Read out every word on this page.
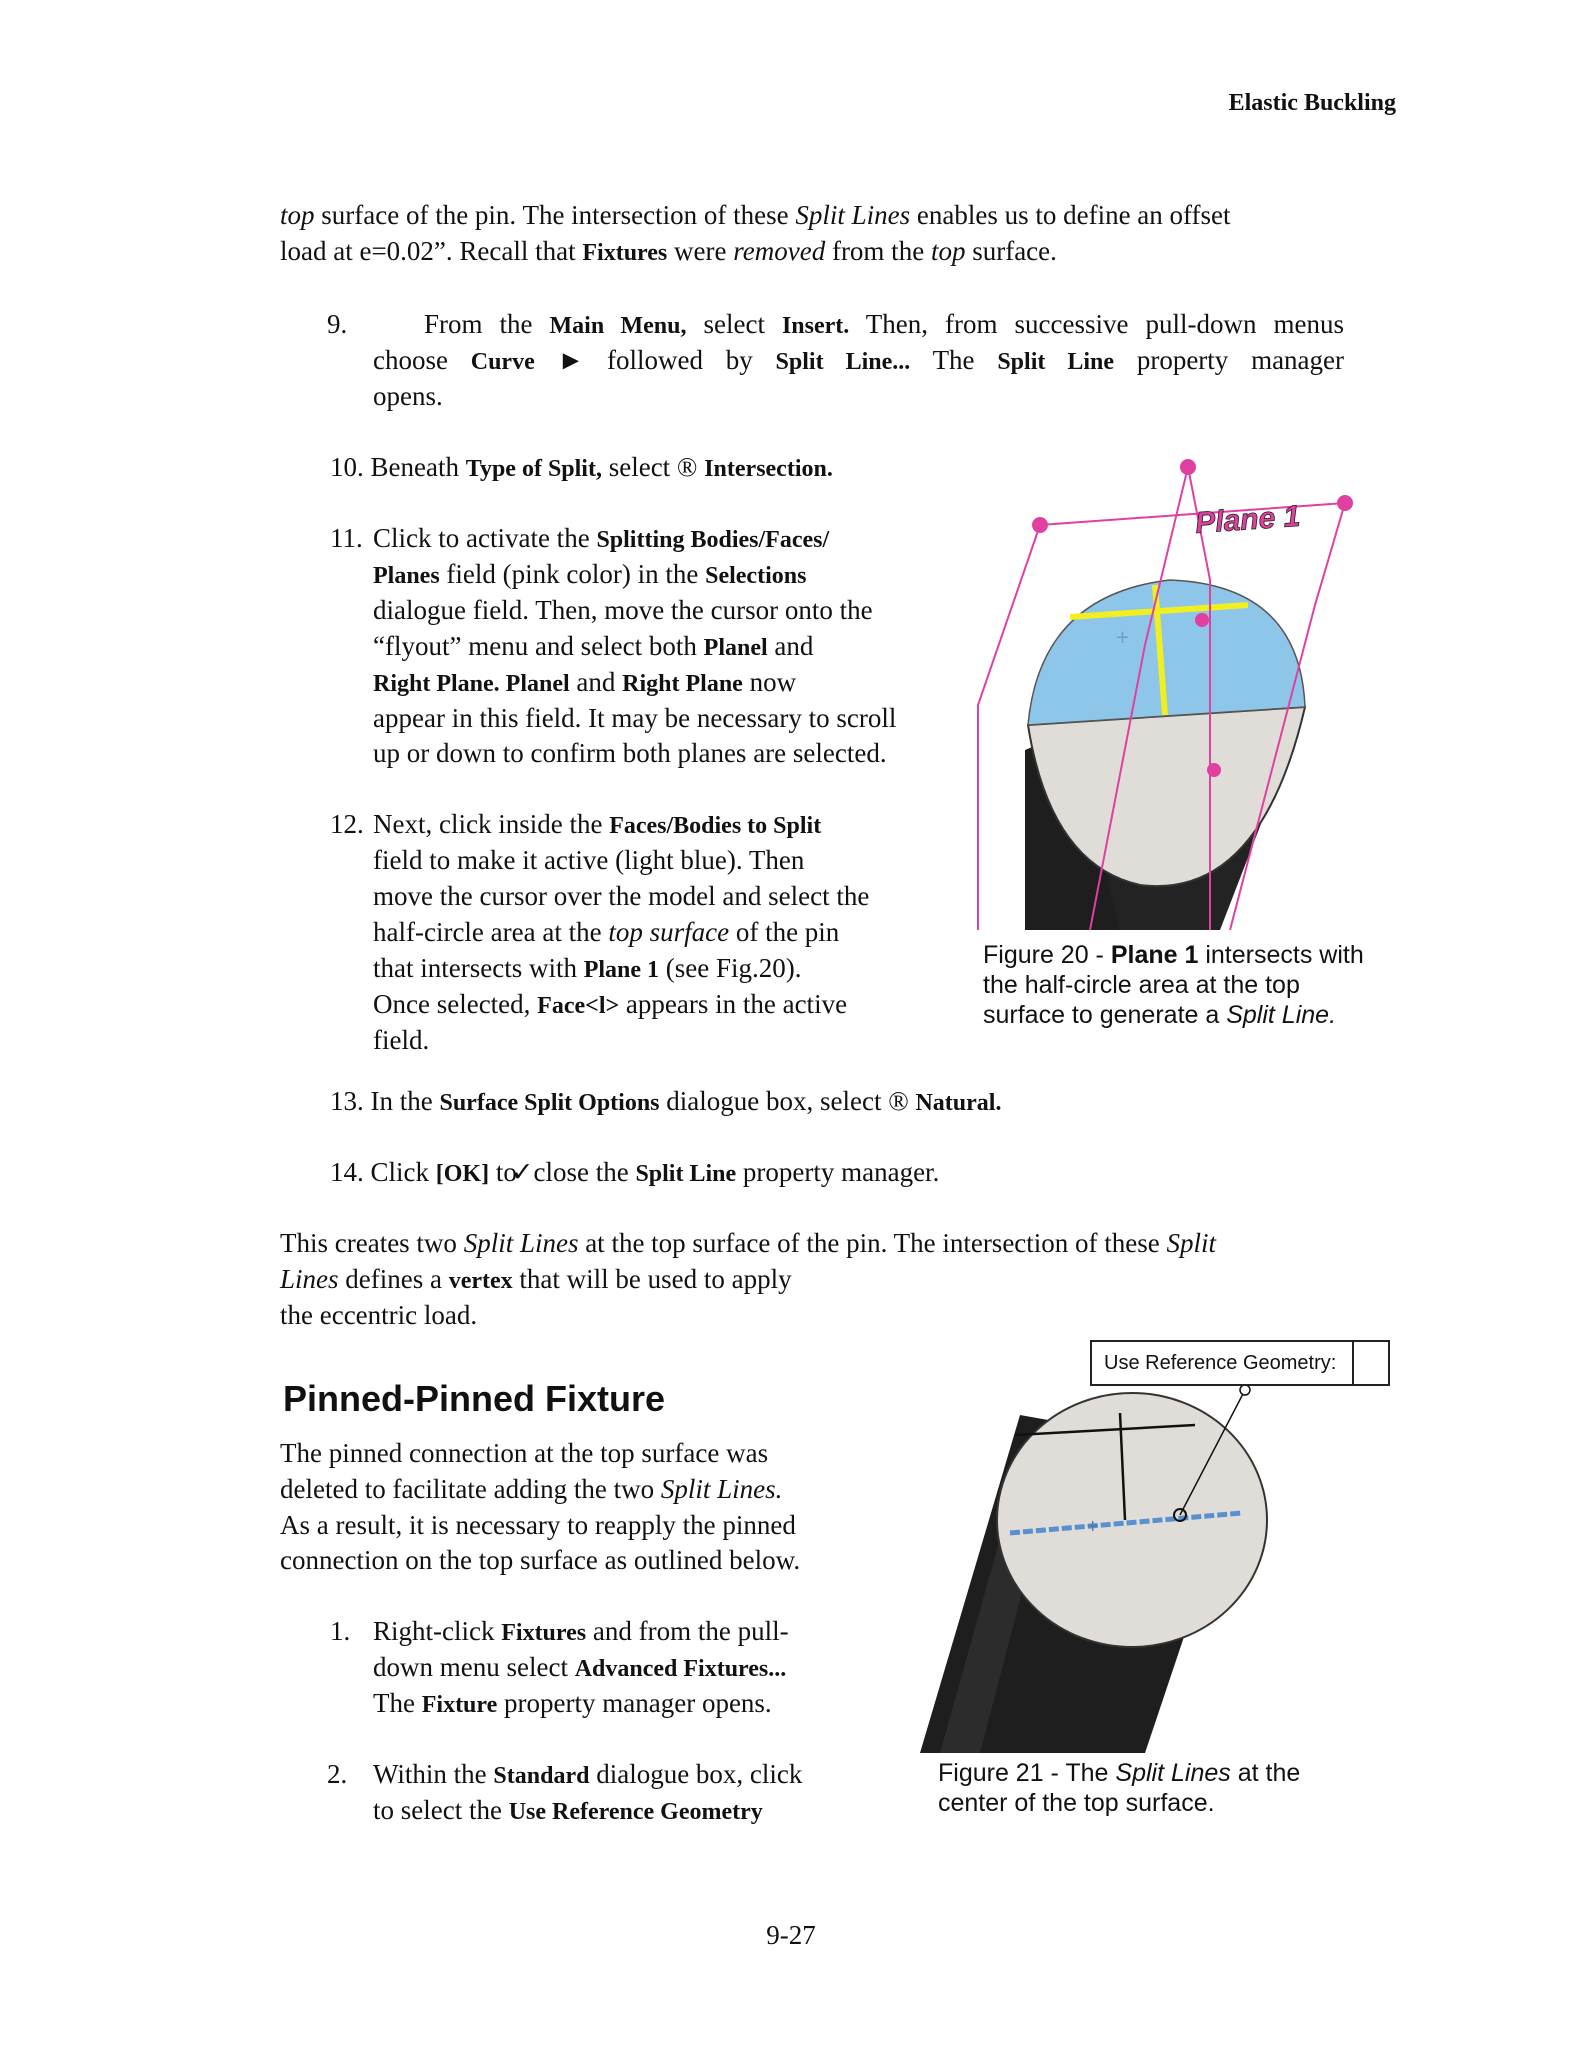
Elastic Buckling
top surface of the pin. The intersection of these Split Lines enables us to define an offset
load at e=0.02”. Recall that Fixtures were removed from the top surface.
9.	From the Main Menu, select Insert. Then, from successive pull-down menus
choose Curve ► followed by Split Line... The Split Line property manager
opens.
10. Beneath Type of Split, select ® Intersection.
11. Click to activate the Splitting Bodies/Faces/
Planes field (pink color) in the Selections
dialogue field. Then, move the cursor onto the
“flyout” menu and select both Planel and
Right Plane. Planel and Right Plane now
appear in this field. It may be necessary to scroll
up or down to confirm both planes are selected.
12. Next, click inside the Faces/Bodies to Split
field to make it active (light blue). Then
move the cursor over the model and select the
half-circle area at the top surface of the pin
that intersects with Plane 1 (see Fig.20).
Once selected, Face<l> appears in the active
field.
+
Plane 1
Figure 20 - Plane 1 intersects with
the half-circle area at the top
surface to generate a Split Line.
13. In the Surface Split Options dialogue box, select ® Natural.
14. Click [OK] to✓close the Split Line property manager.
This creates two Split Lines at the top surface of the pin. The intersection of these Split
Lines defines a vertex that will be used to apply
the eccentric load.
Pinned-Pinned Fixture
The pinned connection at the top surface was
deleted to facilitate adding the two Split Lines.
As a result, it is necessary to reapply the pinned
connection on the top surface as outlined below.
1. Right-click Fixtures and from the pull-
down menu select Advanced Fixtures...
The Fixture property manager opens.
2. Within the Standard dialogue box, click
to select the Use Reference Geometry
+
Use Reference Geometry:
Figure 21 - The Split Lines at the
center of the top surface.
9-27
